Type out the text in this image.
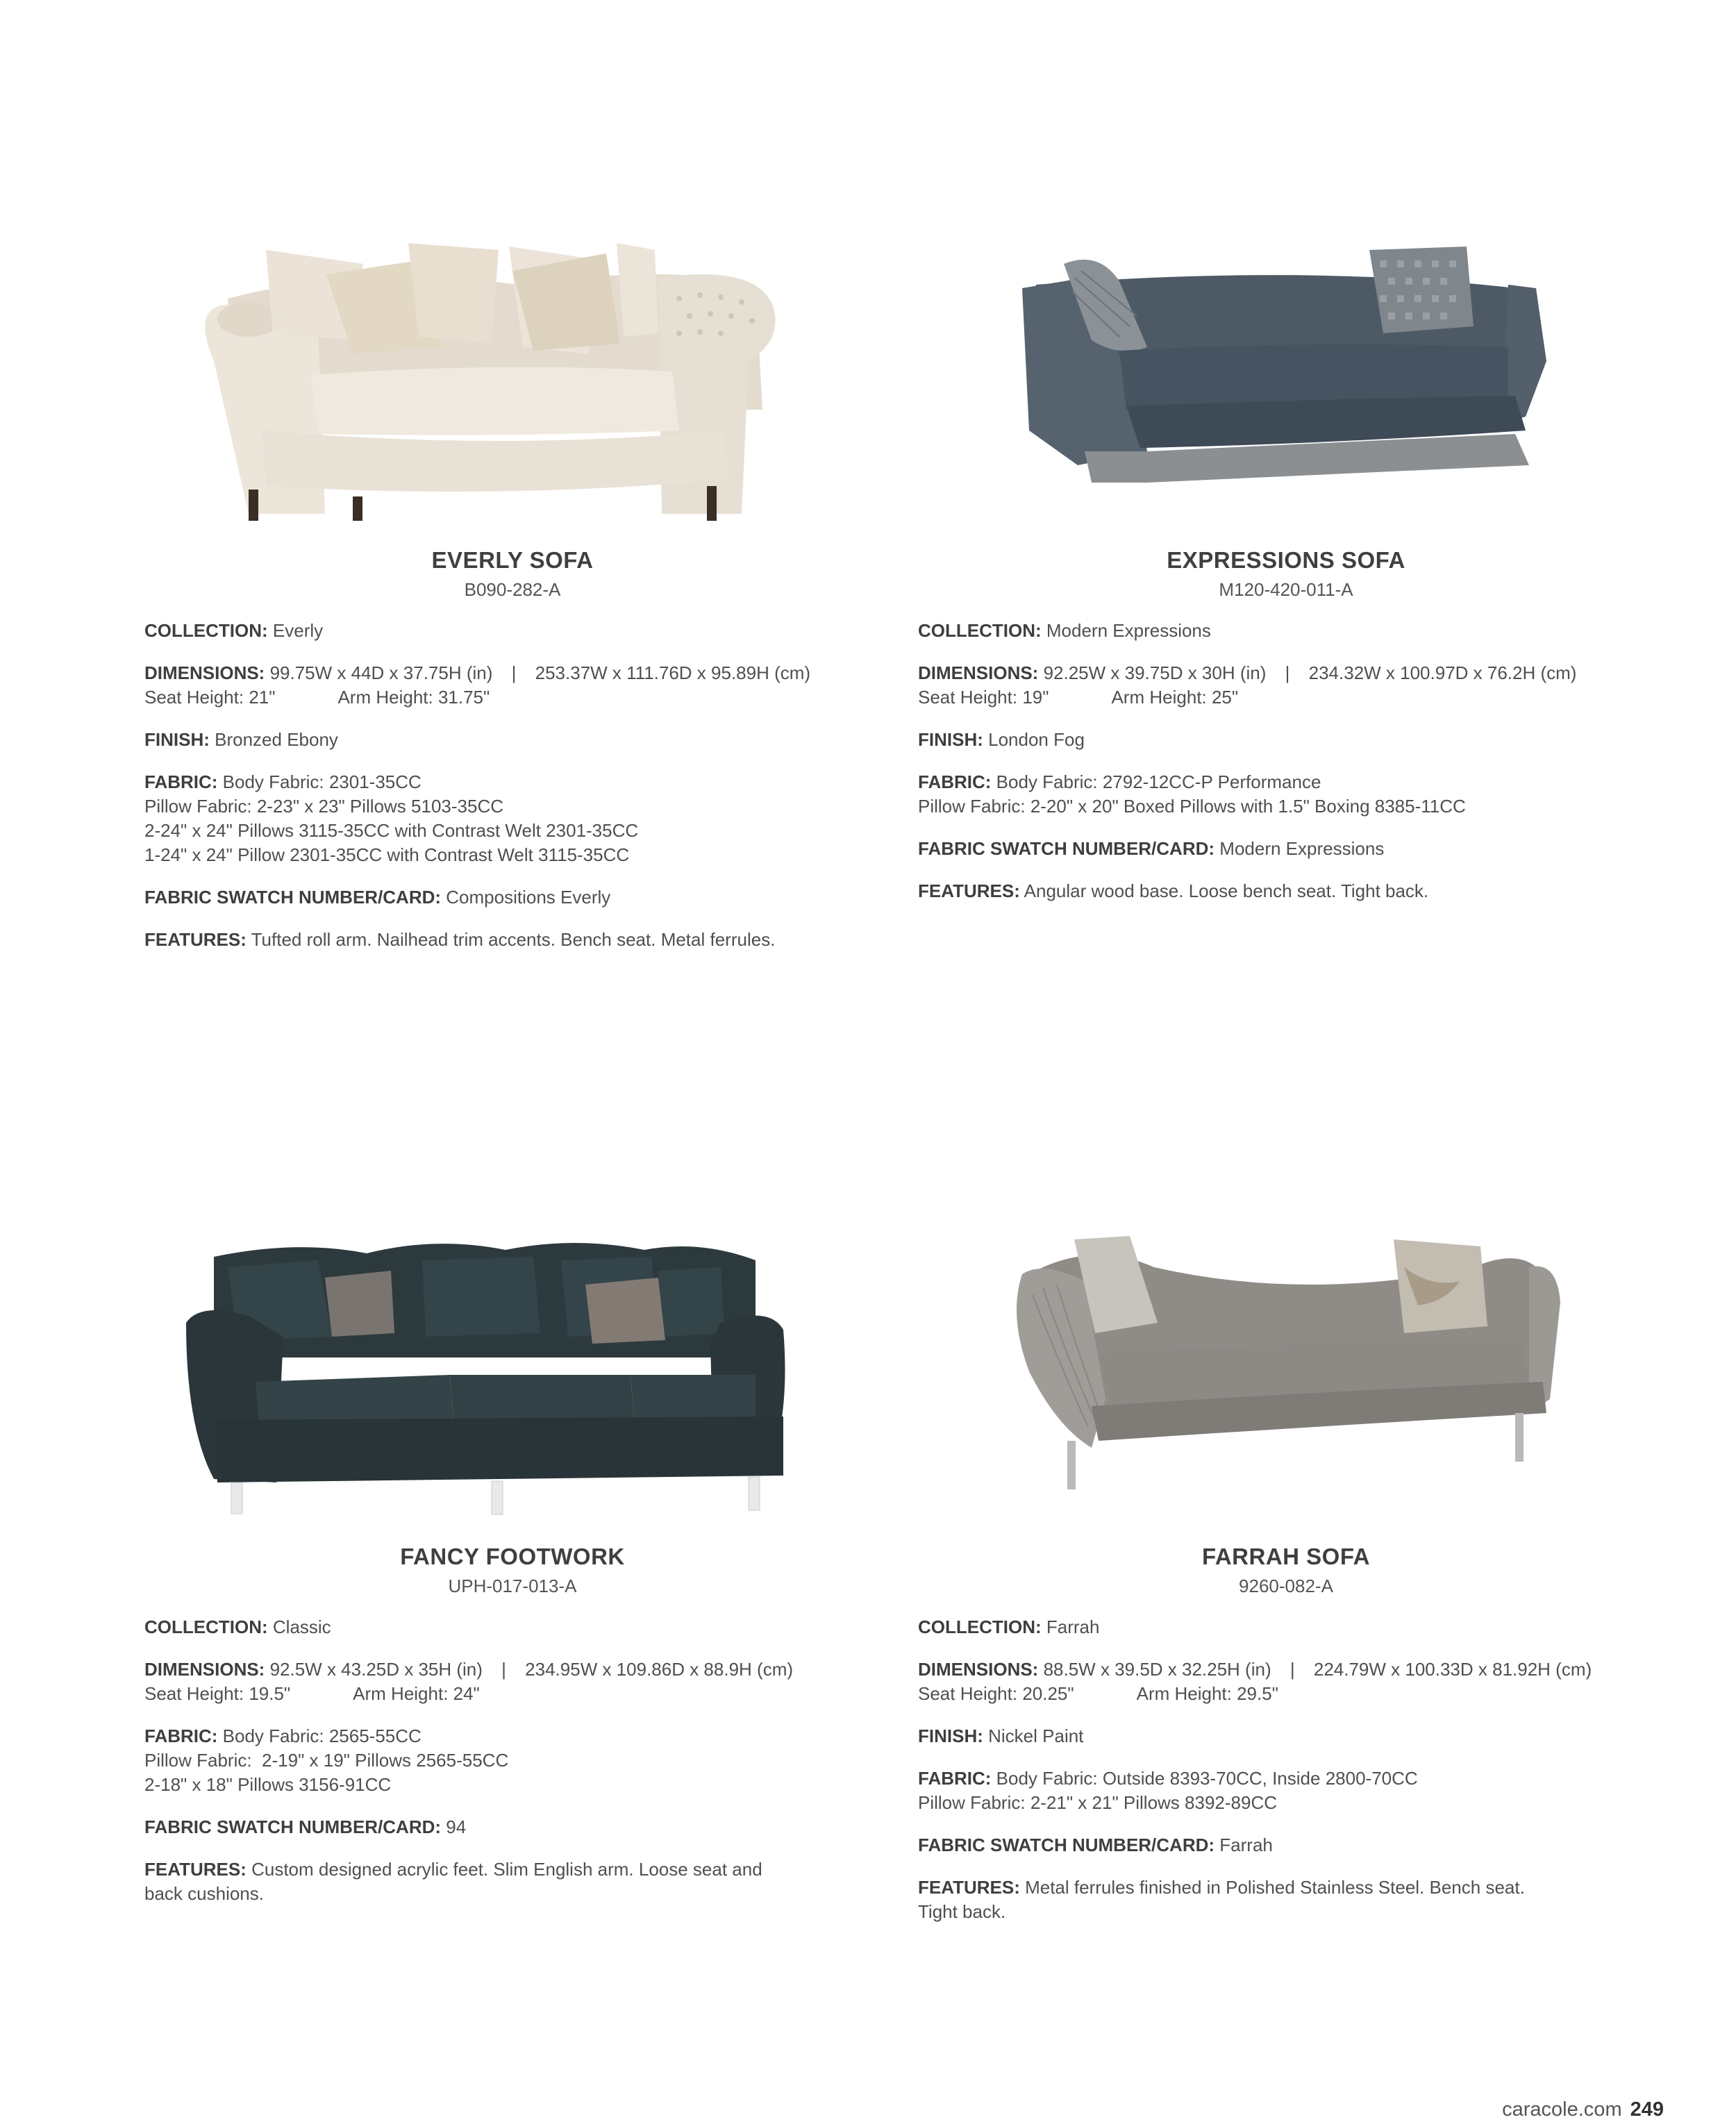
EVERLY SOFA
B090-282-A
COLLECTION: Everly
DIMENSIONS: 99.75W x 44D x 37.75H (in) | 253.37W x 111.76D x 95.89H (cm)
Seat Height: 21"	Arm Height: 31.75"
FINISH: Bronzed Ebony
FABRIC: Body Fabric: 2301-35CC
Pillow Fabric: 2-23" x 23" Pillows 5103-35CC
2-24" x 24" Pillows 3115-35CC with Contrast Welt 2301-35CC
1-24" x 24" Pillow 2301-35CC with Contrast Welt 3115-35CC
FABRIC SWATCH NUMBER/CARD: Compositions Everly
FEATURES: Tufted roll arm. Nailhead trim accents. Bench seat. Metal ferrules.
EXPRESSIONS SOFA
M120-420-011-A
COLLECTION: Modern Expressions
DIMENSIONS: 92.25W x 39.75D x 30H (in) | 234.32W x 100.97D x 76.2H (cm)
Seat Height: 19"	Arm Height: 25"
FINISH: London Fog
FABRIC: Body Fabric: 2792-12CC-P Performance
Pillow Fabric: 2-20" x 20" Boxed Pillows with 1.5" Boxing 8385-11CC
FABRIC SWATCH NUMBER/CARD: Modern Expressions
FEATURES: Angular wood base. Loose bench seat. Tight back.
FANCY FOOTWORK
UPH-017-013-A
COLLECTION: Classic
DIMENSIONS: 92.5W x 43.25D x 35H (in) | 234.95W x 109.86D x 88.9H (cm)
Seat Height: 19.5"	Arm Height: 24"
FABRIC: Body Fabric: 2565-55CC
Pillow Fabric:  2-19" x 19" Pillows 2565-55CC
2-18" x 18" Pillows 3156-91CC
FABRIC SWATCH NUMBER/CARD: 94
FEATURES: Custom designed acrylic feet. Slim English arm. Loose seat and
back cushions.
FARRAH SOFA
9260-082-A
COLLECTION: Farrah
DIMENSIONS: 88.5W x 39.5D x 32.25H (in) | 224.79W x 100.33D x 81.92H (cm)
Seat Height: 20.25"	Arm Height: 29.5"
FINISH: Nickel Paint
FABRIC: Body Fabric: Outside 8393-70CC, Inside 2800-70CC
Pillow Fabric: 2-21" x 21" Pillows 8392-89CC
FABRIC SWATCH NUMBER/CARD: Farrah
FEATURES: Metal ferrules finished in Polished Stainless Steel. Bench seat.
Tight back.
caracole.com 249
